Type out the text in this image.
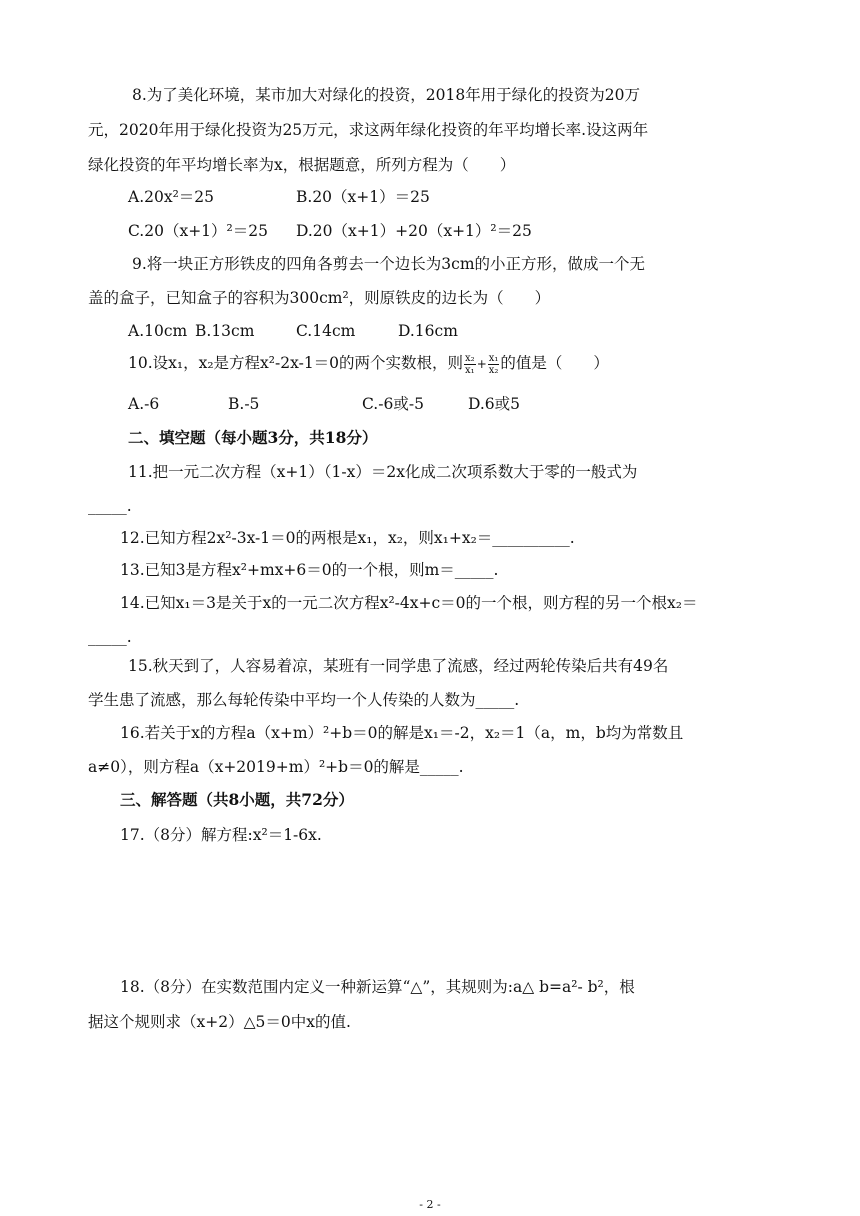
8.为了美化环境，某市加大对绿化的投资，2018年用于绿化的投资为20万
元，2020年用于绿化投资为25万元，求这两年绿化投资的年平均增长率.设这两年
绿化投资的年平均增长率为x，根据题意，所列方程为（　　）
A.20x²＝25	B.20（x+1）＝25
C.20（x+1）²＝25 D.20（x+1）+20（x+1）²＝25
9.将一块正方形铁皮的四角各剪去一个边长为3cm的小正方形，做成一个无
盖的盒子，已知盒子的容积为300cm²，则原铁皮的边长为（　　）
A.10cm B.13cm	C.14cm	D.16cm
10.设x₁，x₂是方程x²-2x-1＝0的两个实数根，则 $\frac{\text{x₂}}{\text{x₁}} + \frac{\text{x₁}}{\text{x₂}}$ 的值是（　　）
A.-6	B.-5	C.-6或-5	D.6或5
二、填空题（每小题3分，共18分）
11.把一元二次方程（x+1）（1-x）＝2x化成二次项系数大于零的一般式为
_____.
12.已知方程2x²-3x-1＝0的两根是x₁，x₂，则x₁+x₂＝__________.
13.已知3是方程x²+mx+6＝0的一个根，则m＝_____.
14.已知x₁＝3是关于x的一元二次方程x²-4x+c＝0的一个根，则方程的另一个根x₂＝
_____.
15.秋天到了，人容易着凉，某班有一同学患了流感，经过两轮传染后共有49名
学生患了流感，那么每轮传染中平均一个人传染的人数为_____.
16.若关于x的方程a（x+m）²+b＝0的解是x₁＝-2，x₂＝1（a，m，b均为常数且
a≠0），则方程a（x+2019+m）²+b＝0的解是_____.
三、解答题（共8小题，共72分）
17.（8分）解方程:x²＝1-6x.
18.（8分）在实数范围内定义一种新运算“△”，其规则为:a△ b=a²- b²，根
据这个规则求（x+2）△5＝0中x的值.
- 2 -
